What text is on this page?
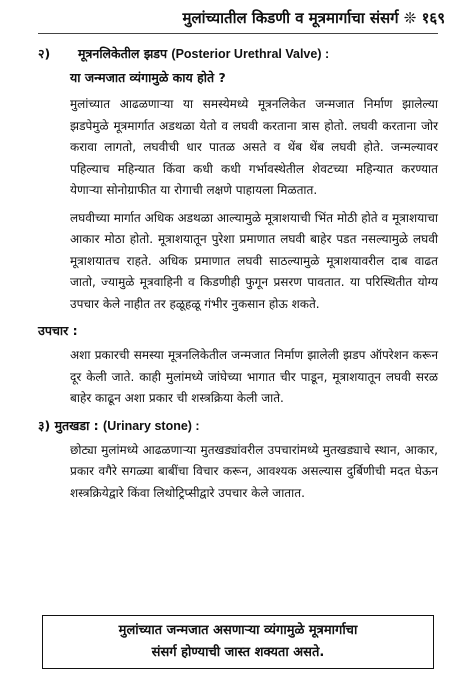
मुलांच्यातील किडणी व मूत्रमार्गाचा संसर्ग ❊ १६९
२) मूत्रनलिकेतील झडप (Posterior Urethral Valve) :
या जन्मजात व्यंगामुळे काय होते ?

मुलांच्यात आढळणाऱ्या या समस्येमध्ये मूत्रनलिकेत जन्मजात निर्माण झालेल्या झडपेमुळे मूत्रमार्गात अडथळा येतो व लघवी करताना त्रास होतो. लघवी करताना जोर करावा लागतो, लघवीची धार पातळ असते व थेंब थेंब लघवी होते. जन्मल्यावर पहिल्याच महिन्यात किंवा कधी कधी गर्भावस्थेतील शेवटच्या महिन्यात करण्यात येणाऱ्या सोनोग्राफीत या रोगाची लक्षणे पाहायला मिळतात.

लघवीच्या मार्गात अधिक अडथळा आल्यामुळे मूत्राशयाची भिंत मोठी होते व मूत्राशयाचा आकार मोठा होतो. मूत्राशयातून पुरेशा प्रमाणात लघवी बाहेर पडत नसल्यामुळे लघवी मूत्राशयातच राहते. अधिक प्रमाणात लघवी साठल्यामुळे मूत्राशयावरील दाब वाढत जातो, ज्यामुळे मूत्रवाहिनी व किडणीही फुगून प्रसरण पावतात. या परिस्थितीत योग्य उपचार केले नाहीत तर हळूहळू गंभीर नुकसान होऊ शकते.

उपचार :

अशा प्रकारची समस्या मूत्रनलिकेतील जन्मजात निर्माण झालेली झडप ऑपरेशन करून दूर केली जाते. काही मुलांमध्ये जांघेच्या भागात चीर पाडून, मूत्राशयातून लघवी सरळ बाहेर काढून अशा प्रकार ची शस्त्रक्रिया केली जाते.

३) मुतखडा : (Urinary stone) :

छोट्या मुलांमध्ये आढळणाऱ्या मुतखड्यांवरील उपचारांमध्ये मुतखड्याचे स्थान, आकार, प्रकार वगैरे सगळ्या बाबींचा विचार करून, आवश्यक असल्यास दुर्बिणीची मदत घेऊन शस्त्रक्रियेद्वारे किंवा लिथोट्रिप्सीद्वारे उपचार केले जातात.

मुलांच्यात जन्मजात असणाऱ्या व्यंगामुळे मूत्रमार्गाचा
संसर्ग होण्याची जास्त शक्यता असते.
